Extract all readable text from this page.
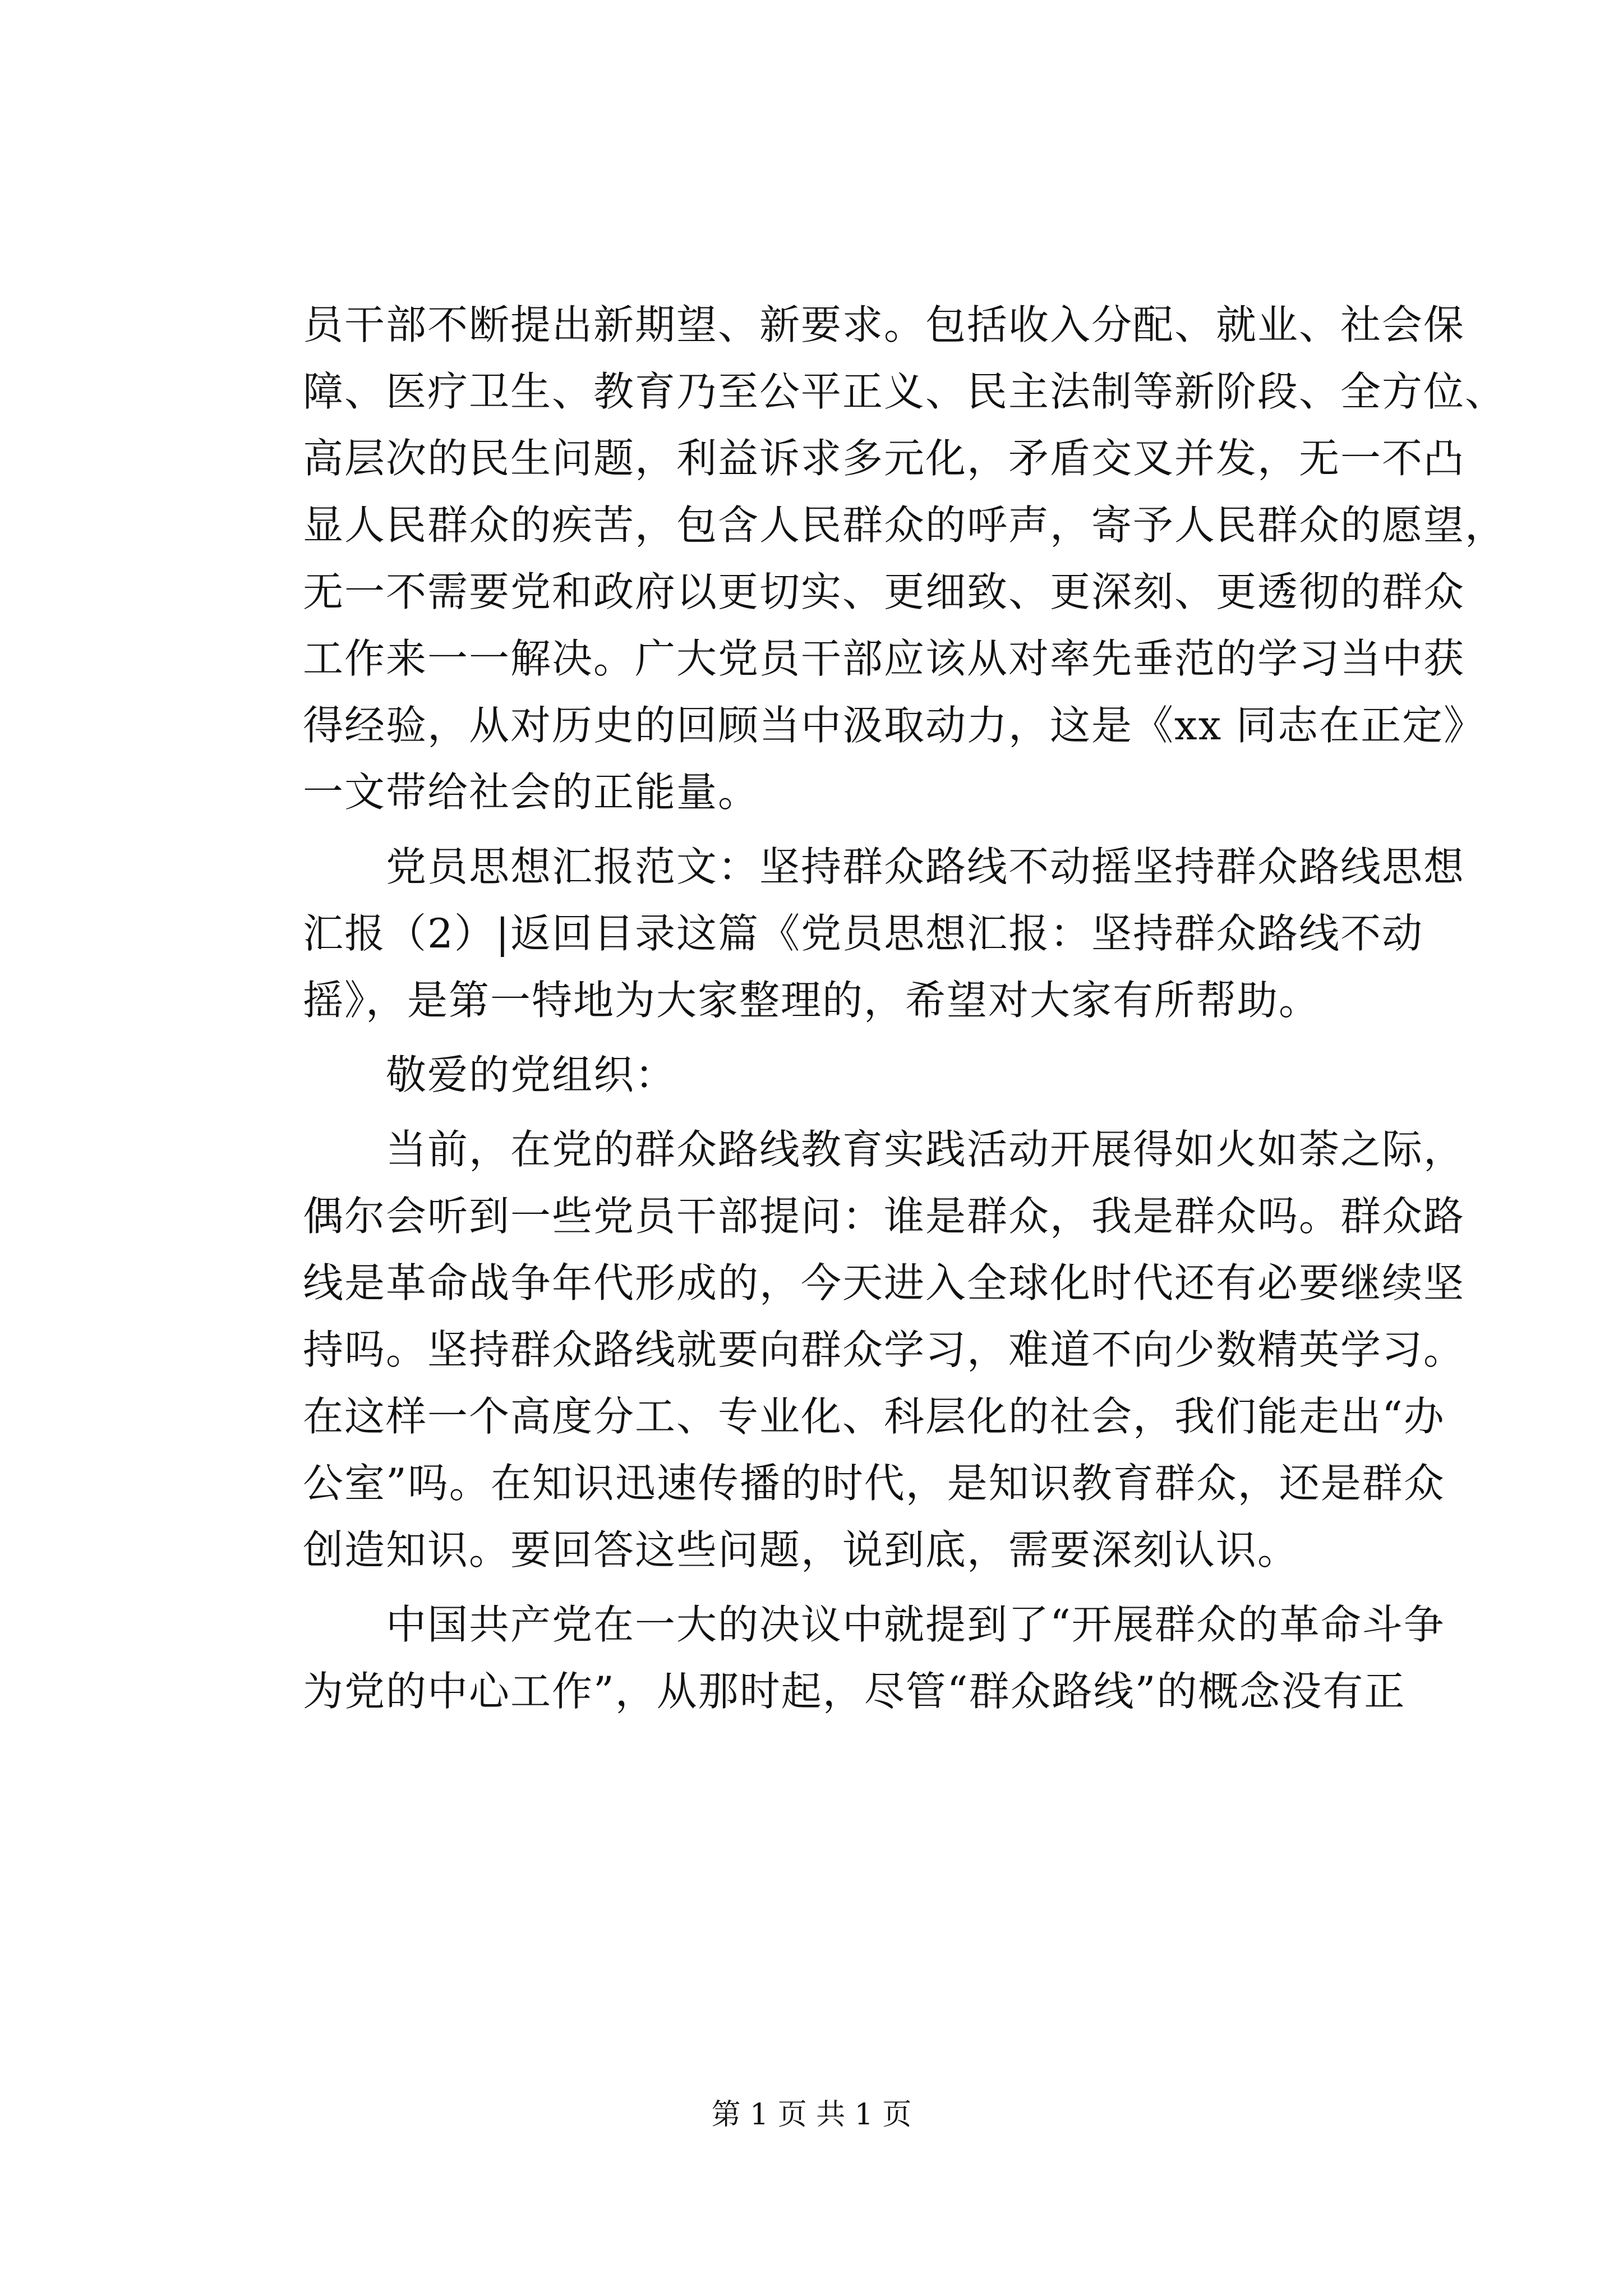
员干部不断提出新期望、新要求。包括收入分配、就业、社会保
障、医疗卫生、教育乃至公平正义、民主法制等新阶段、全方位、
高层次的民生问题，利益诉求多元化，矛盾交叉并发，无一不凸
显人民群众的疾苦，包含人民群众的呼声，寄予人民群众的愿望，
无一不需要党和政府以更切实、更细致、更深刻、更透彻的群众
工作来一一解决。广大党员干部应该从对率先垂范的学习当中获
得经验，从对历史的回顾当中汲取动力，这是《xx 同志在正定》
一文带给社会的正能量。
　　党员思想汇报范文：坚持群众路线不动摇坚持群众路线思想
汇报（2）|返回目录这篇《党员思想汇报：坚持群众路线不动
摇》，是第一特地为大家整理的，希望对大家有所帮助。
　　敬爱的党组织：
　　当前，在党的群众路线教育实践活动开展得如火如荼之际，
偶尔会听到一些党员干部提问：谁是群众，我是群众吗。群众路
线是革命战争年代形成的，今天进入全球化时代还有必要继续坚
持吗。坚持群众路线就要向群众学习，难道不向少数精英学习。
在这样一个高度分工、专业化、科层化的社会，我们能走出“办
公室”吗。在知识迅速传播的时代，是知识教育群众，还是群众
创造知识。要回答这些问题，说到底，需要深刻认识。
　　中国共产党在一大的决议中就提到了“开展群众的革命斗争
为党的中心工作”，从那时起，尽管“群众路线”的概念没有正
第 1 页 共 1 页
